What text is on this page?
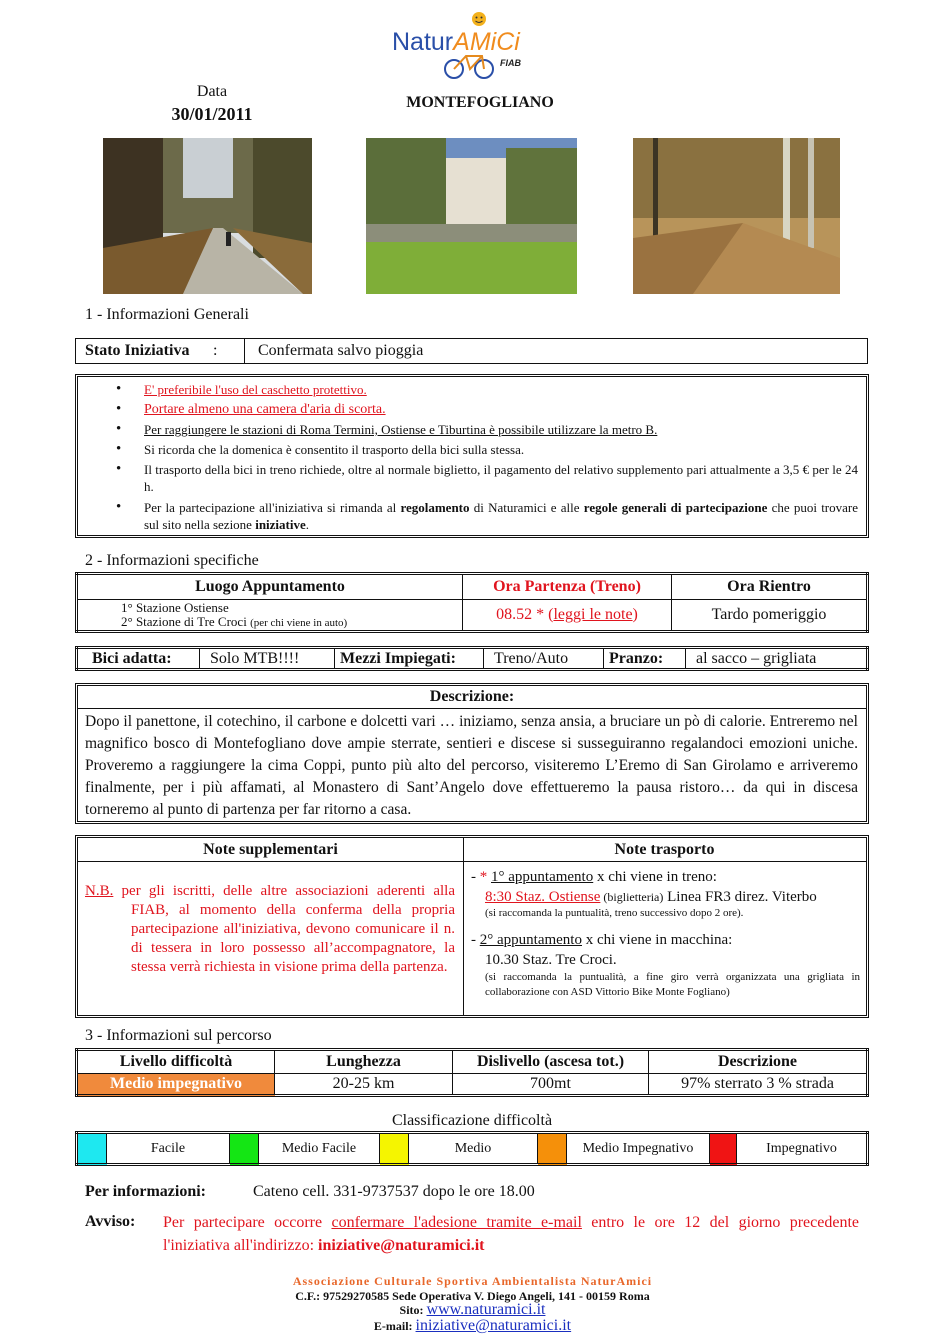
NaturAMiCi
FIAB
Data
30/01/2011
MONTEFOGLIANO
1 - Informazioni Generali
Stato Iniziativa :	Confermata salvo pioggia
• E' preferibile l'uso del caschetto protettivo.
• Portare almeno una camera d'aria di scorta.
• Per raggiungere le stazioni di Roma Termini, Ostiense e Tiburtina è possibile utilizzare la metro B.
• Si ricorda che la domenica è consentito il trasporto della bici sulla stessa.
• Il trasporto della bici in treno richiede, oltre al normale biglietto, il pagamento del relativo supplemento pari attualmente a 3,5 € per le 24 h.
• Per la partecipazione all'iniziativa si rimanda al regolamento di Naturamici e alle regole generali di partecipazione che puoi trovare sul sito nella sezione iniziative.
2 - Informazioni specifiche
Luogo Appuntamento	Ora Partenza (Treno)	Ora Rientro

1° Stazione Ostiense
2° Stazione di Tre Croci (per chi viene in auto)	08.52 * (leggi le note)	Tardo pomeriggio
Bici adatta:	Solo MTB!!!!	Mezzi Impiegati:	Treno/Auto	Pranzo:	al sacco – grigliata
Descrizione:
Dopo il panettone, il cotechino, il carbone e dolcetti vari … iniziamo, senza ansia, a bruciare un pò di calorie. Entreremo nel magnifico bosco di Montefogliano dove ampie sterrate, sentieri e discese si susseguiranno regalandoci emozioni uniche. Proveremo a raggiungere la cima Coppi, punto più alto del percorso, visiteremo L’Eremo di San Girolamo e arriveremo finalmente, per i più affamati, al Monastero di Sant’Angelo dove effettueremo la pausa ristoro… da qui in discesa torneremo al punto di partenza per far ritorno a casa.
Note supplementari
N.B. per gli iscritti, delle altre associazioni aderenti alla FIAB, al momento della conferma della propria partecipazione all'iniziativa, devono comunicare il n. di tessera in loro possesso all’accompagnatore, la stessa verrà richiesta in visione prima della partenza.
Note trasporto
- * 1° appuntamento x chi viene in treno:
8:30 Staz. Ostiense (biglietteria) Linea FR3 direz. Viterbo
(si raccomanda la puntualità, treno successivo dopo 2 ore).
- 2° appuntamento x chi viene in macchina:
10.30 Staz. Tre Croci.
(si raccomanda la puntualità, a fine giro verrà organizzata una grigliata in collaborazione con ASD Vittorio Bike Monte Fogliano)
3 - Informazioni sul percorso
Livello difficoltà	Lunghezza	Dislivello (ascesa tot.)	Descrizione
Medio impegnativo	20-25 km	700mt	97% sterrato 3 % strada
Classificazione difficoltà
	Facile		Medio Facile		Medio		Medio Impegnativo		Impegnativo
Per informazioni:	Cateno cell. 331-9737537 dopo le ore 18.00
Avviso: Per partecipare occorre confermare l'adesione tramite e-mail entro le ore 12 del giorno precedente l'iniziativa all'indirizzo: iniziative@naturamici.it
Associazione Culturale Sportiva Ambientalista NaturAmici
C.F.: 97529270585 Sede Operativa V. Diego Angeli, 141 - 00159 Roma
Sito: www.naturamici.it
E-mail: iniziative@naturamici.it
